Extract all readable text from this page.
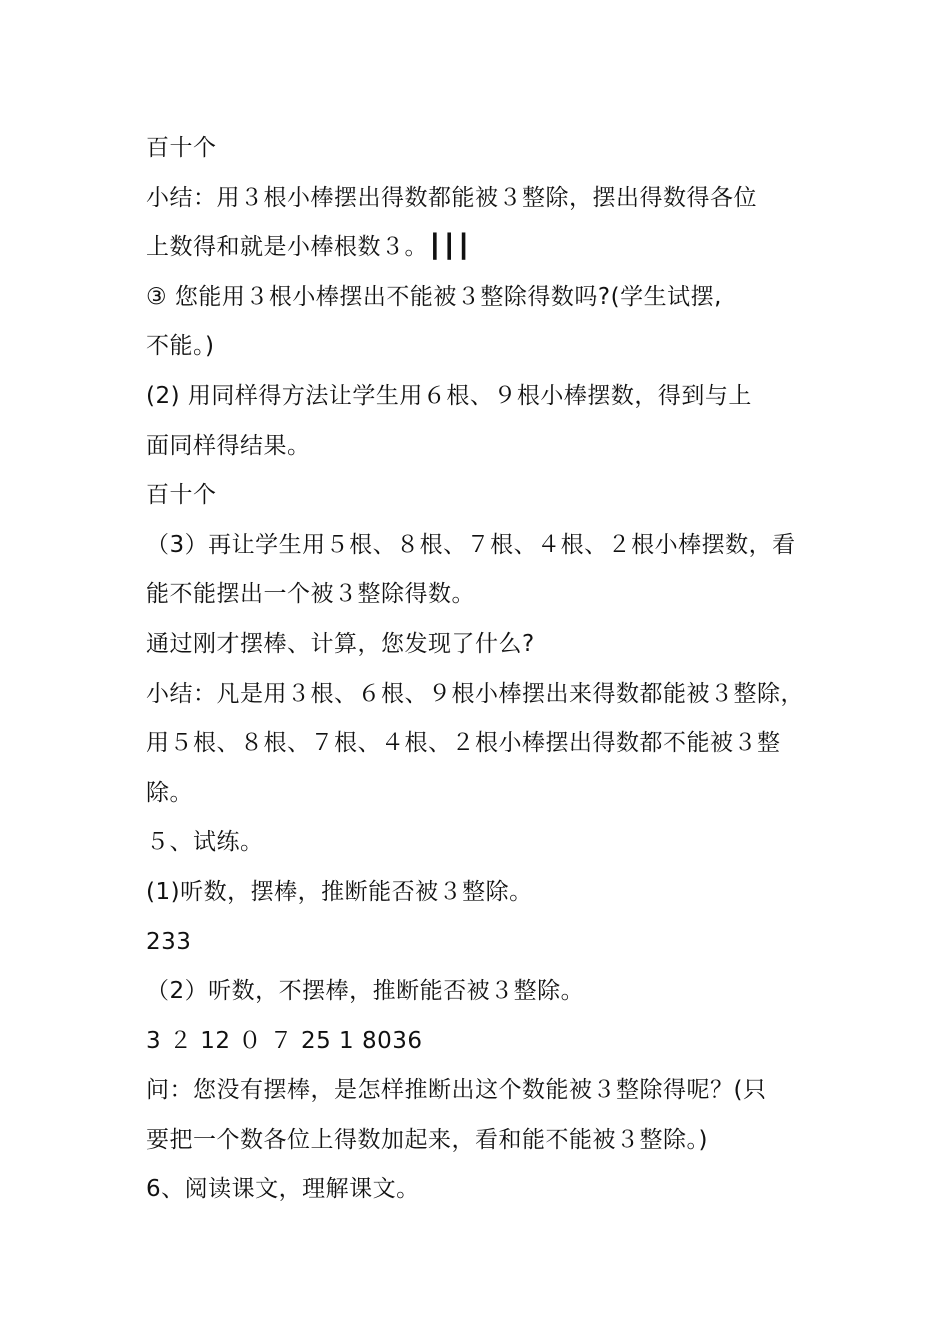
百十个
小结：用３根小棒摆出得数都能被３整除，摆出得数得各位
上数得和就是小棒根数３。┃┃┃
③ 您能用３根小棒摆出不能被３整除得数吗?(学生试摆,
不能。)
(2) 用同样得方法让学生用６根、９根小棒摆数，得到与上
面同样得结果。
百十个
（3）再让学生用５根、８根、７根、４根、２根小棒摆数，看
能不能摆出一个被３整除得数。
通过刚才摆棒、计算，您发现了什么?
小结：凡是用３根、６根、９根小棒摆出来得数都能被３整除，
用５根、８根、７根、４根、２根小棒摆出得数都不能被３整
除。
５、试练。
(1)听数，摆棒，推断能否被３整除。
233
（2）听数，不摆棒，推断能否被３整除。
3 ２ 12 ０ ７ 25 1 8036
问：您没有摆棒，是怎样推断出这个数能被３整除得呢？(只
要把一个数各位上得数加起来，看和能不能被３整除。)
6、阅读课文，理解课文。
